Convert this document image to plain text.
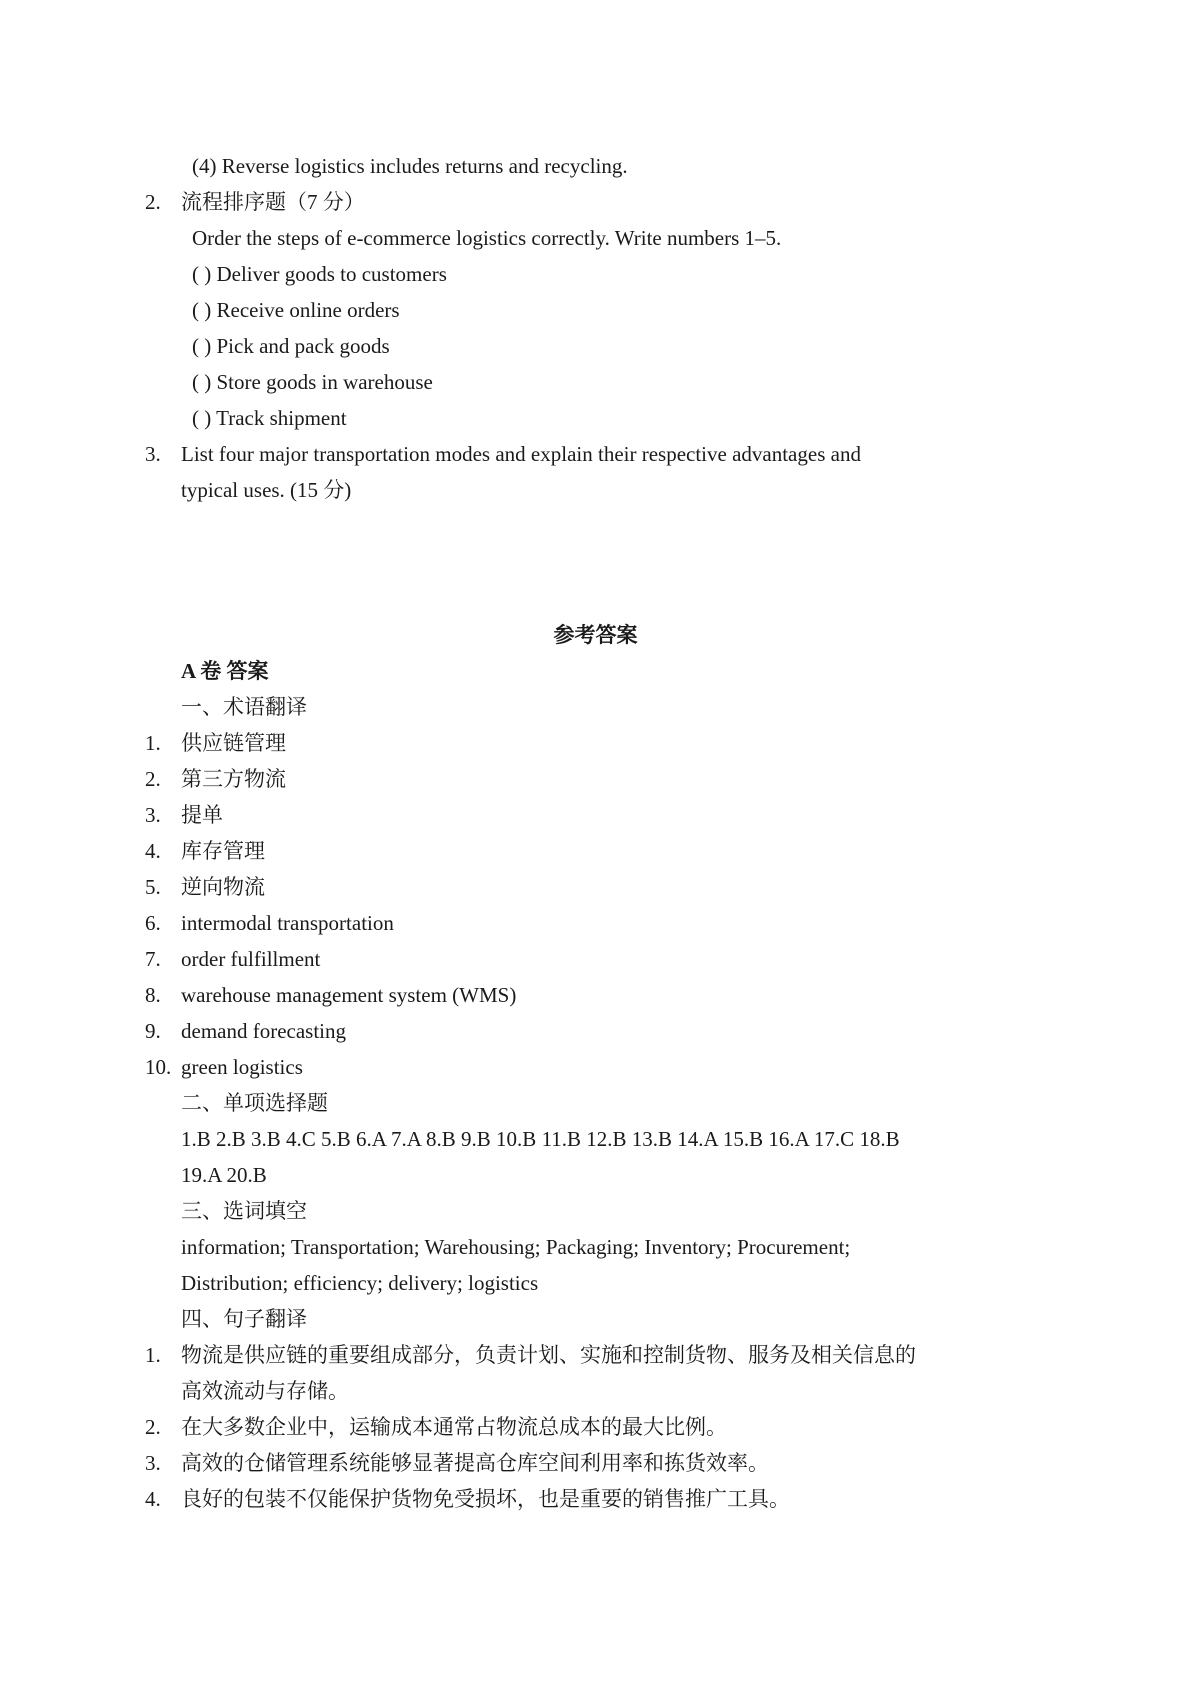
(4) Reverse logistics includes returns and recycling.
2. 流程排序题（7 分）
Order the steps of e-commerce logistics correctly. Write numbers 1–5.
( ) Deliver goods to customers
( ) Receive online orders
( ) Pick and pack goods
( ) Store goods in warehouse
( ) Track shipment
3. List four major transportation modes and explain their respective advantages and
typical uses. (15 分)
参考答案
A 卷 答案
一、术语翻译
1. 供应链管理
2. 第三方物流
3. 提单
4. 库存管理
5. 逆向物流
6. intermodal transportation
7. order fulfillment
8. warehouse management system (WMS)
9. demand forecasting
10. green logistics
二、单项选择题
1.B 2.B 3.B 4.C 5.B 6.A 7.A 8.B 9.B 10.B 11.B 12.B 13.B 14.A 15.B 16.A 17.C 18.B
19.A 20.B
三、选词填空
information; Transportation; Warehousing; Packaging; Inventory; Procurement;
Distribution; efficiency; delivery; logistics
四、句子翻译
1. 物流是供应链的重要组成部分，负责计划、实施和控制货物、服务及相关信息的
高效流动与存储。
2. 在大多数企业中，运输成本通常占物流总成本的最大比例。
3. 高效的仓储管理系统能够显著提高仓库空间利用率和拣货效率。
4. 良好的包装不仅能保护货物免受损坏，也是重要的销售推广工具。
